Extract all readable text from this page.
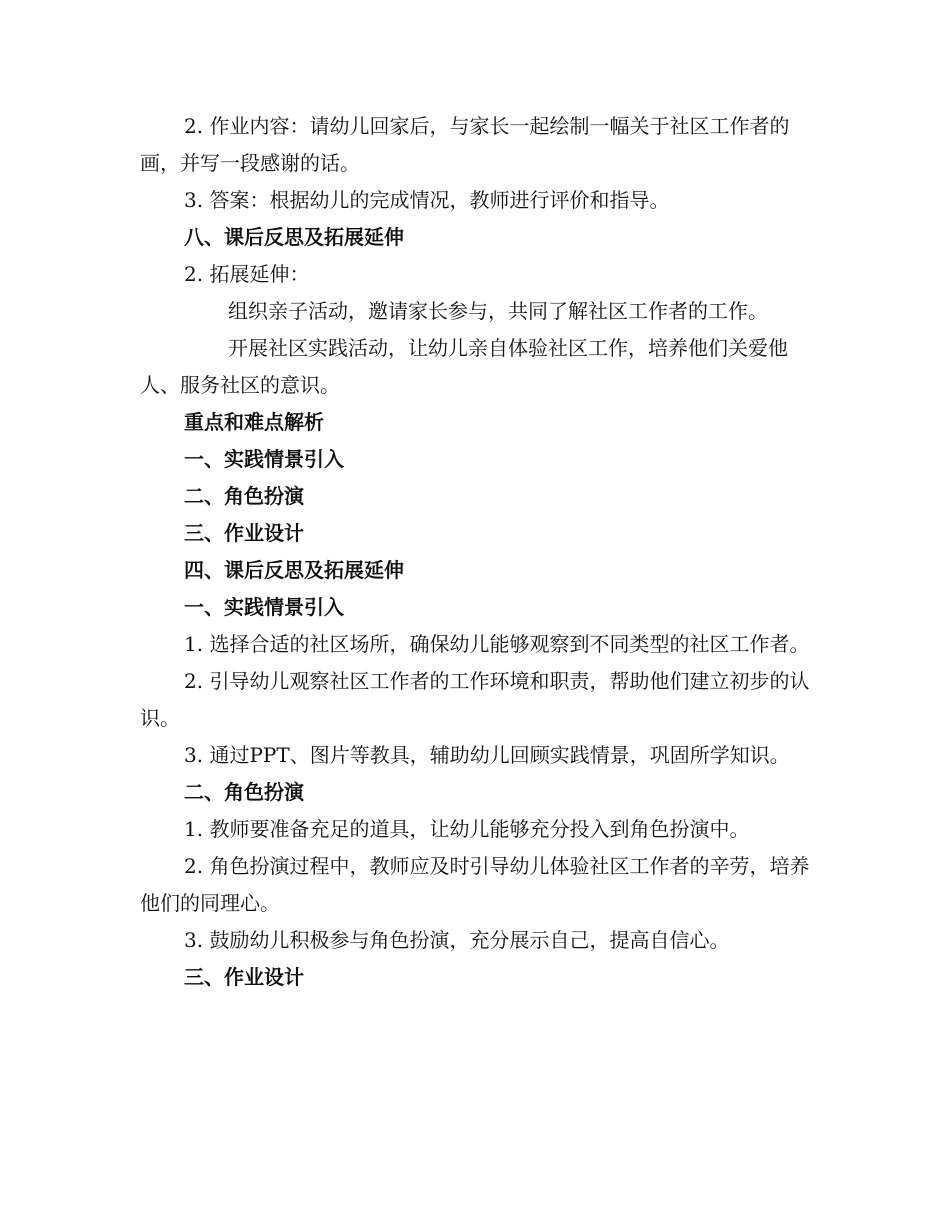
2. 作业内容：请幼儿回家后，与家长一起绘制一幅关于社区工作者的画，并写一段感谢的话。

3. 答案：根据幼儿的完成情况，教师进行评价和指导。

八、课后反思及拓展延伸

2. 拓展延伸：

组织亲子活动，邀请家长参与，共同了解社区工作者的工作。

开展社区实践活动，让幼儿亲自体验社区工作，培养他们关爱他人、服务社区的意识。

重点和难点解析

一、实践情景引入

二、角色扮演

三、作业设计

四、课后反思及拓展延伸

一、实践情景引入

1. 选择合适的社区场所，确保幼儿能够观察到不同类型的社区工作者。

2. 引导幼儿观察社区工作者的工作环境和职责，帮助他们建立初步的认识。

3. 通过PPT、图片等教具，辅助幼儿回顾实践情景，巩固所学知识。

二、角色扮演

1. 教师要准备充足的道具，让幼儿能够充分投入到角色扮演中。

2. 角色扮演过程中，教师应及时引导幼儿体验社区工作者的辛劳，培养他们的同理心。

3. 鼓励幼儿积极参与角色扮演，充分展示自己，提高自信心。

三、作业设计
